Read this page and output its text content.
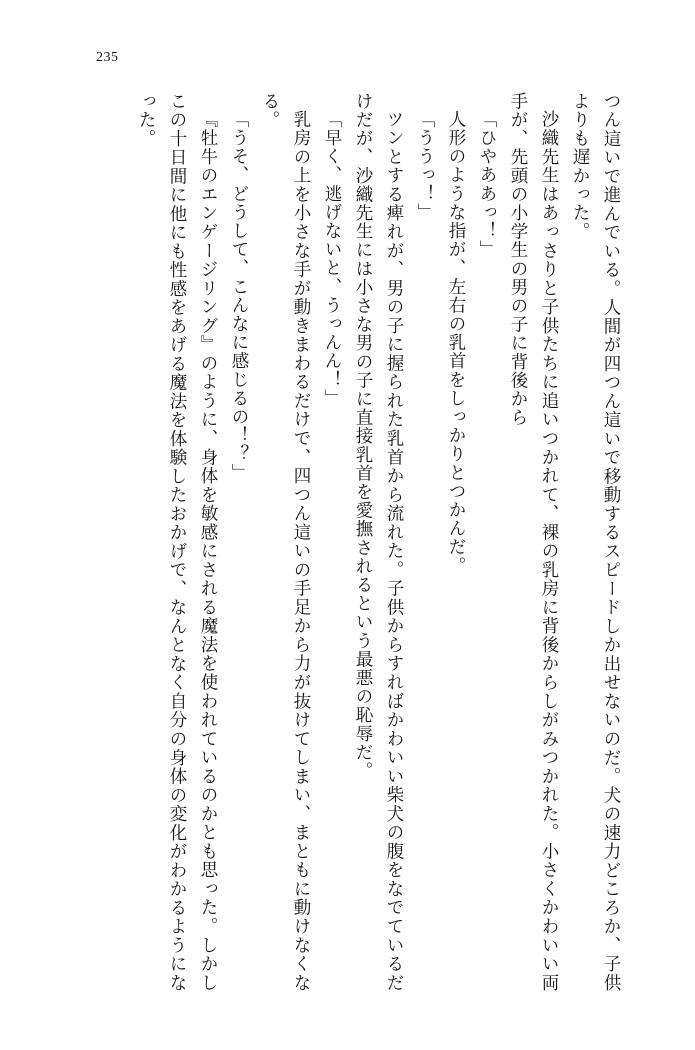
235
つん這いで進んでいる。人間が四つん這いで移動するスピードしか出せないのだ。犬の速力どころか、子供よりも遅かった。
沙織先生はあっさりと子供たちに追いつかれて、裸の乳房に背後からしがみつかれた。小さくかわいい両手が、先頭の小学生の男の子に背後から
「ひやああっ！」
人形のような指が、左右の乳首をしっかりとつかんだ。
「ううっ！」
ツンとする痺れが、男の子に握られた乳首から流れた。子供からすればかわいい柴犬の腹をなでているだけだが、沙織先生には小さな男の子に直接乳首を愛撫されるという最悪の恥辱だ。
「早く、逃げないと、うっんん！」
乳房の上を小さな手が動きまわるだけで、四つん這いの手足から力が抜けてしまい、まともに動けなくなる。
「うそ、どうして、こんなに感じるの！？」
『牡牛のエンゲージリング』のように、身体を敏感にされる魔法を使われているのかとも思った。しかしこの十日間に他にも性感をあげる魔法を体験したおかげで、なんとなく自分の身体の変化がわかるようになった。
